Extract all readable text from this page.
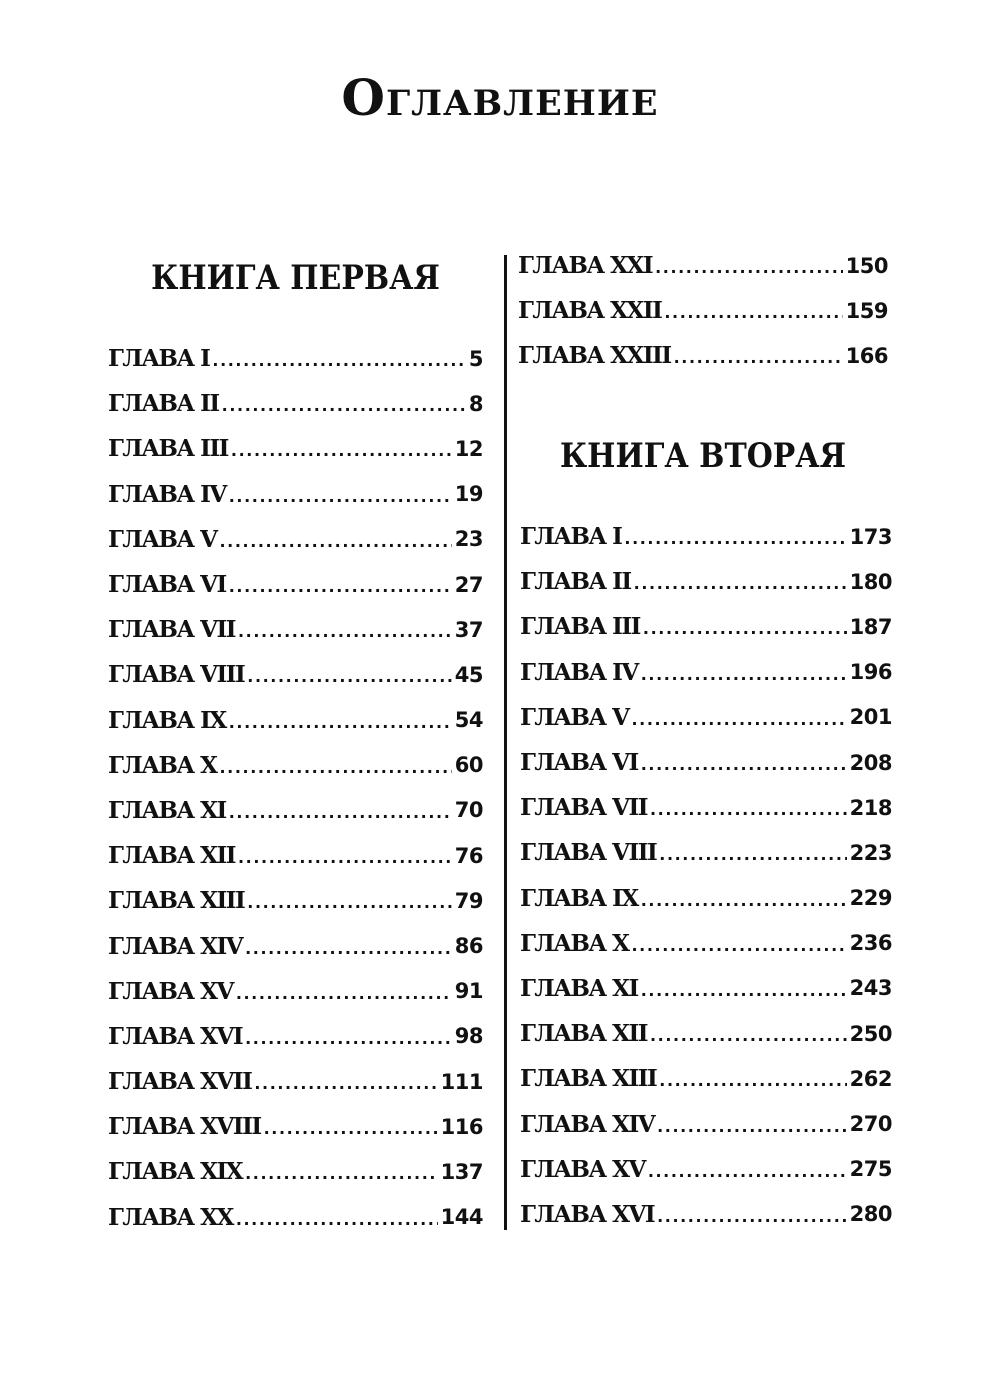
Оглавление
КНИГА ПЕРВАЯ
ГЛАВА I .....	5
ГЛАВА II .....	8
ГЛАВА III .....	12
ГЛАВА IV .....	19
ГЛАВА V .....	23
ГЛАВА VI .....	27
ГЛАВА VII .....	37
ГЛАВА VIII .....	45
ГЛАВА IX .....	54
ГЛАВА X .....	60
ГЛАВА XI .....	70
ГЛАВА XII .....	76
ГЛАВА XIII .....	79
ГЛАВА XIV .....	86
ГЛАВА XV .....	91
ГЛАВА XVI .....	98
ГЛАВА XVII .....	111
ГЛАВА XVIII .....	116
ГЛАВА XIX .....	137
ГЛАВА XX .....	144
ГЛАВА XXI .....	150
ГЛАВА XXII .....	159
ГЛАВА XXIII .....	166
КНИГА ВТОРАЯ
ГЛАВА I .....	173
ГЛАВА II .....	180
ГЛАВА III .....	187
ГЛАВА IV .....	196
ГЛАВА V .....	201
ГЛАВА VI .....	208
ГЛАВА VII .....	218
ГЛАВА VIII .....	223
ГЛАВА IX .....	229
ГЛАВА X .....	236
ГЛАВА XI .....	243
ГЛАВА XII .....	250
ГЛАВА XIII .....	262
ГЛАВА XIV .....	270
ГЛАВА XV .....	275
ГЛАВА XVI .....	280
